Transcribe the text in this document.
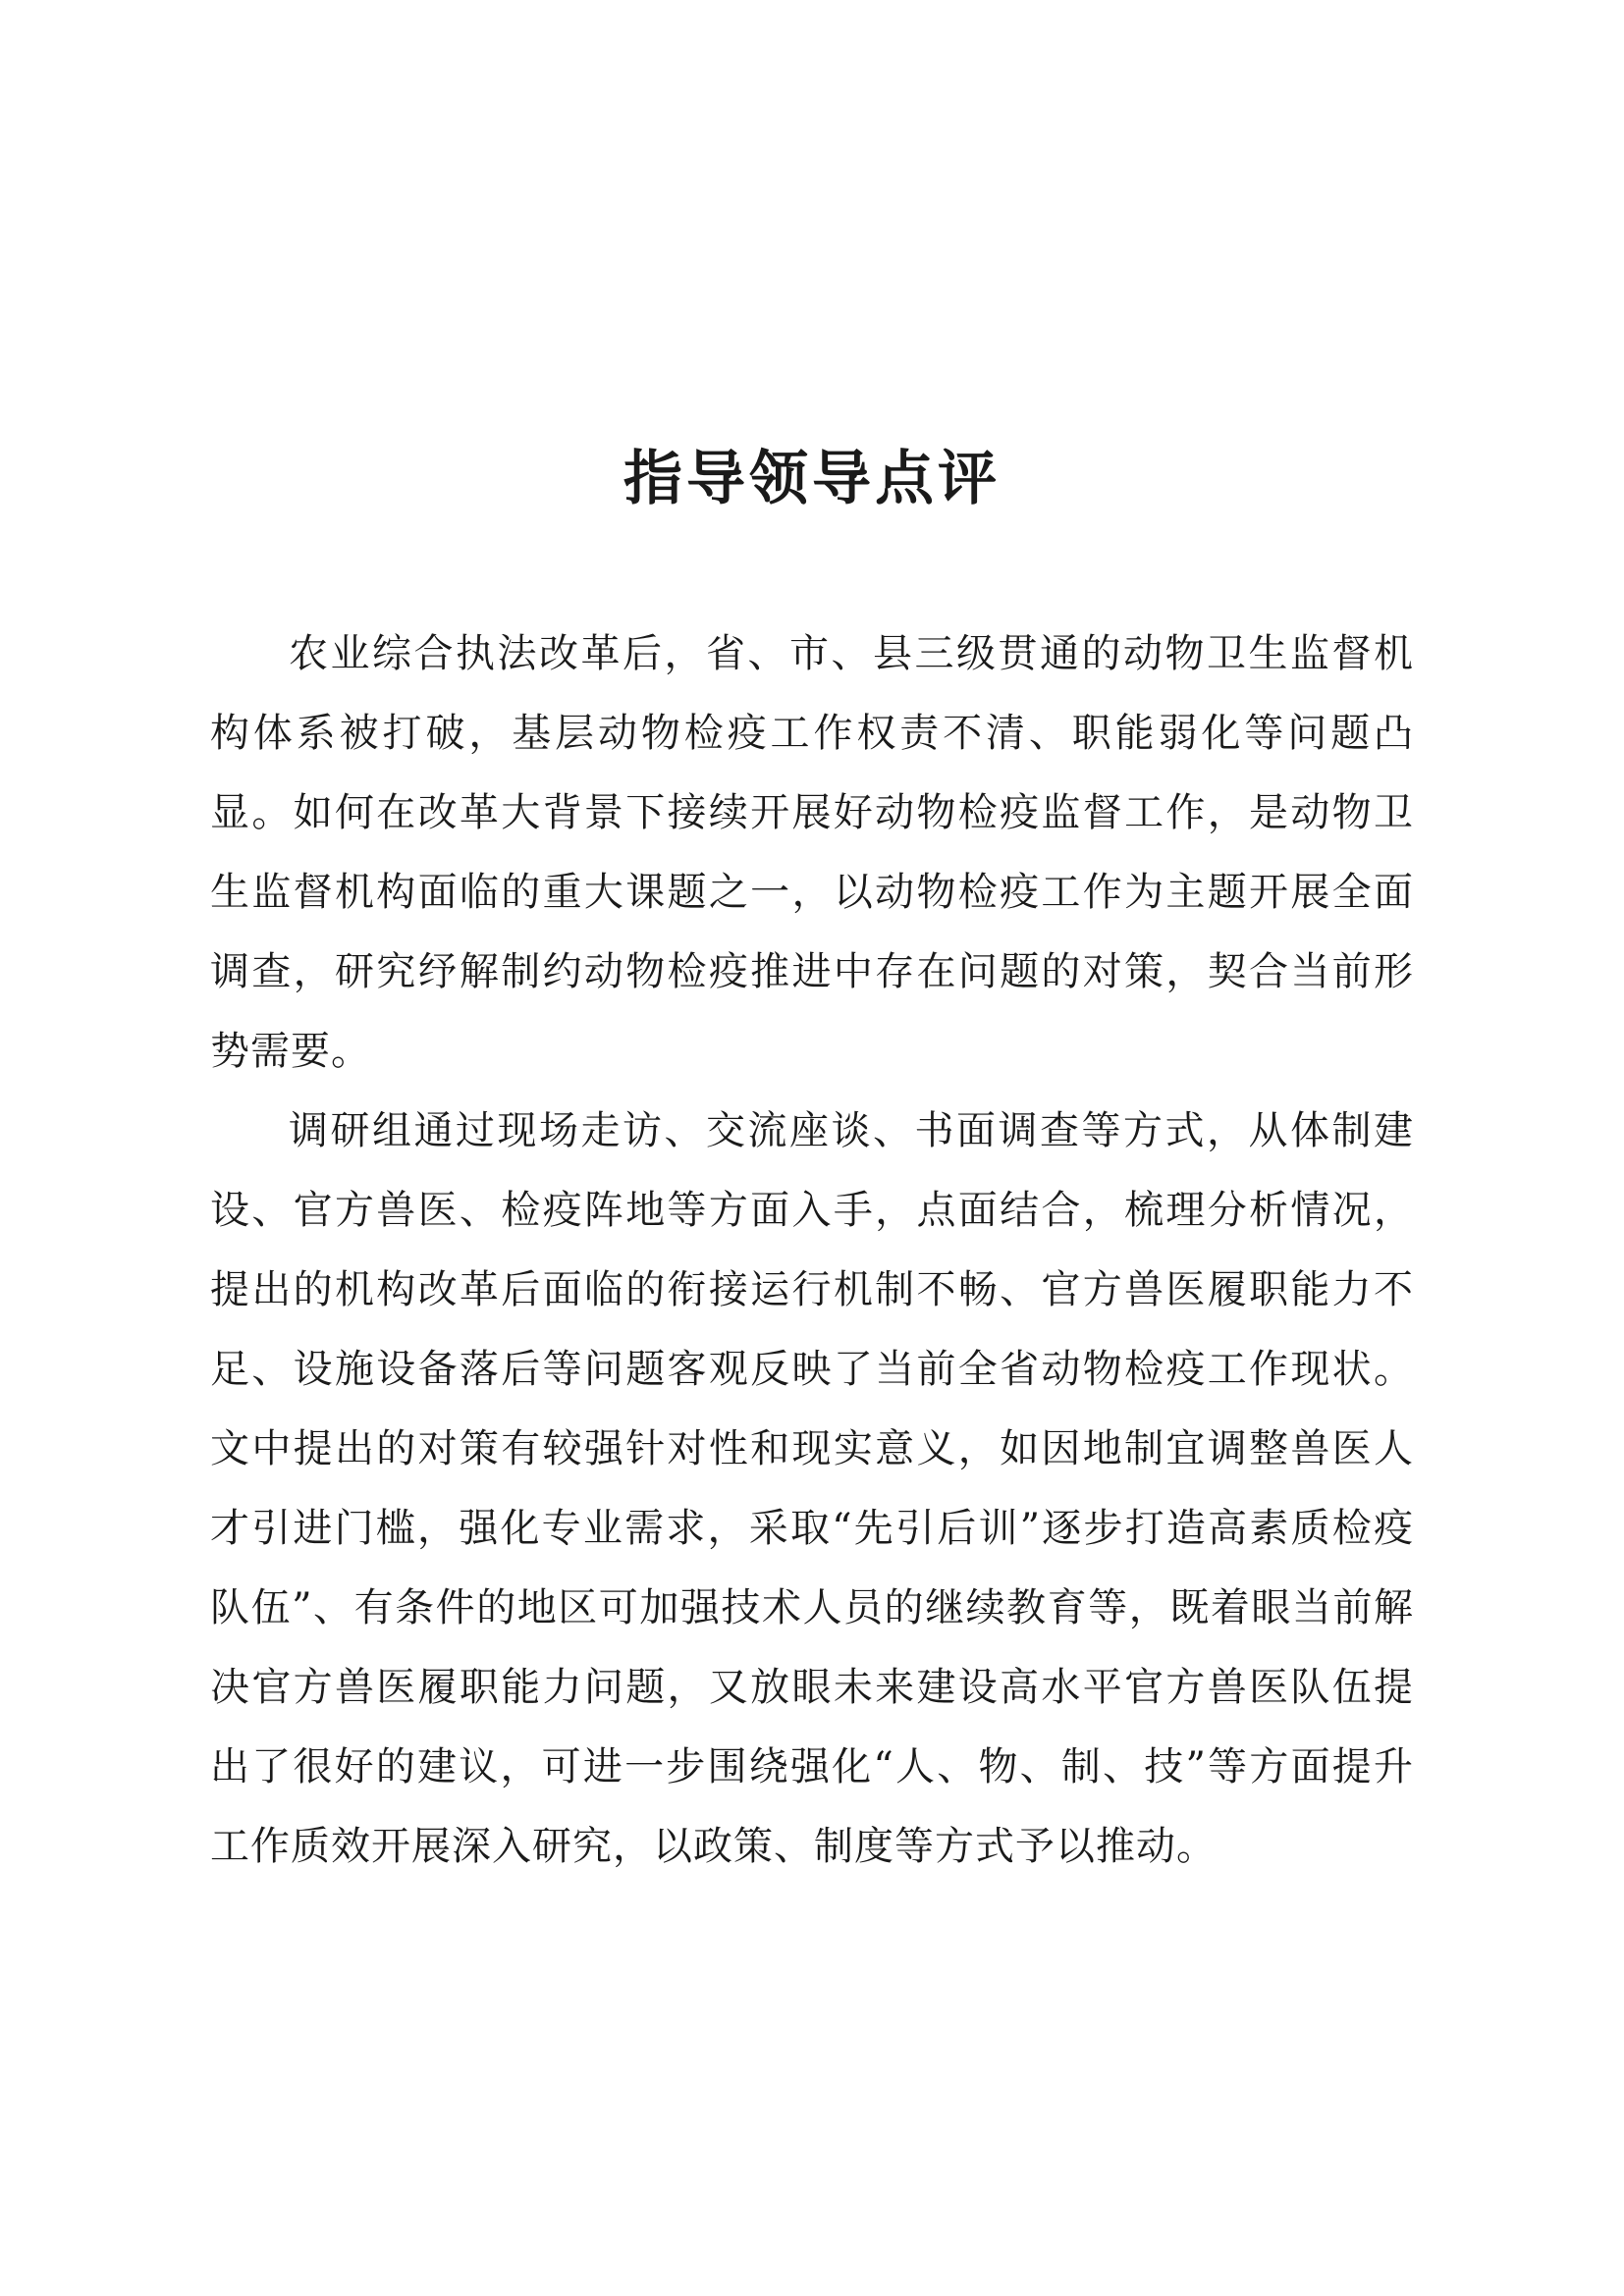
指导领导点评

农业综合执法改革后，省、市、县三级贯通的动物卫生监督机构体系被打破，基层动物检疫工作权责不清、职能弱化等问题凸显。如何在改革大背景下接续开展好动物检疫监督工作，是动物卫生监督机构面临的重大课题之一，以动物检疫工作为主题开展全面调查，研究纾解制约动物检疫推进中存在问题的对策，契合当前形势需要。

调研组通过现场走访、交流座谈、书面调查等方式，从体制建设、官方兽医、检疫阵地等方面入手，点面结合，梳理分析情况，提出的机构改革后面临的衔接运行机制不畅、官方兽医履职能力不足、设施设备落后等问题客观反映了当前全省动物检疫工作现状。文中提出的对策有较强针对性和现实意义，如因地制宜调整兽医人才引进门槛，强化专业需求，采取“先引后训”逐步打造高素质检疫队伍”、有条件的地区可加强技术人员的继续教育等，既着眼当前解决官方兽医履职能力问题，又放眼未来建设高水平官方兽医队伍提出了很好的建议，可进一步围绕强化“人、物、制、技”等方面提升工作质效开展深入研究，以政策、制度等方式予以推动。
